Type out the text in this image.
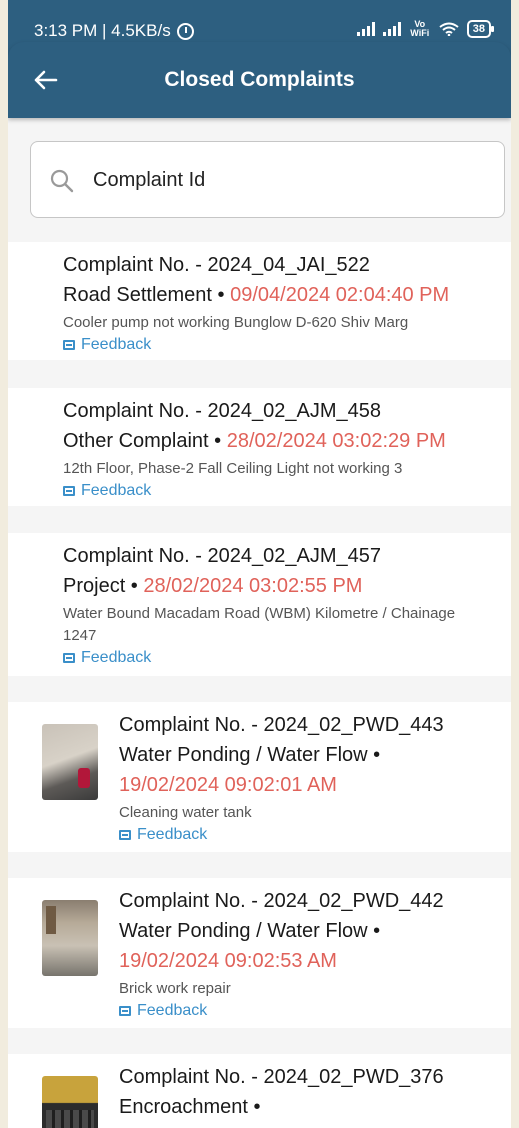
3:13 PM | 4.5KB/s	Vo WiFi	38
Closed Complaints
Complaint Id
Complaint No. - 2024_04_JAI_522
Road Settlement • 09/04/2024 02:04:40 PM
Cooler pump not working Bunglow D-620 Shiv Marg
Feedback
Complaint No. - 2024_02_AJM_458
Other Complaint • 28/02/2024 03:02:29 PM
12th Floor, Phase-2 Fall Ceiling Light not working 3
Feedback
Complaint No. - 2024_02_AJM_457
Project • 28/02/2024 03:02:55 PM
Water Bound Macadam Road (WBM) Kilometre / Chainage 1247
Feedback
Complaint No. - 2024_02_PWD_443
Water Ponding / Water Flow •
19/02/2024 09:02:01 AM
Cleaning water tank
Feedback
Complaint No. - 2024_02_PWD_442
Water Ponding / Water Flow •
19/02/2024 09:02:53 AM
Brick work repair
Feedback
Complaint No. - 2024_02_PWD_376
Encroachment •
